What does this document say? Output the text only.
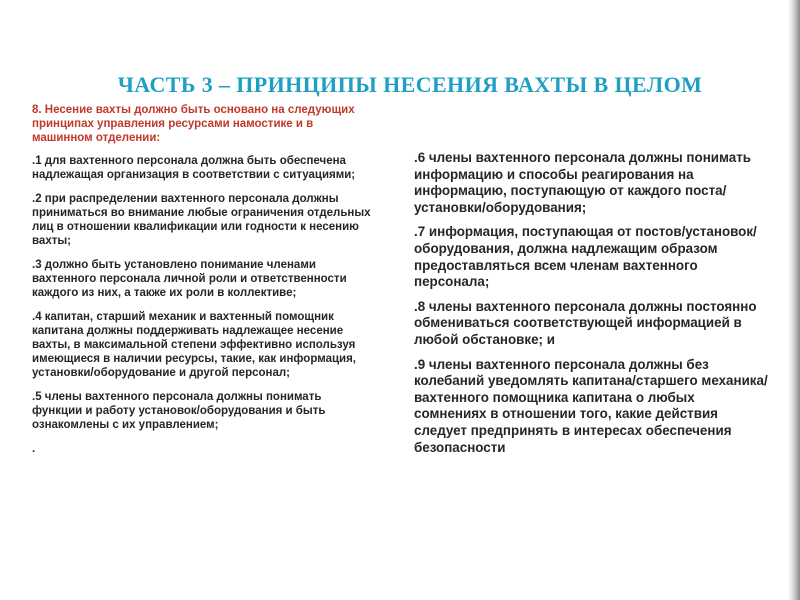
ЧАСТЬ 3 – ПРИНЦИПЫ НЕСЕНИЯ ВАХТЫ В ЦЕЛОМ

8. Несение вахты должно быть основано на следующих принципах управления ресурсами намостике и в машинном отделении:

.1 для вахтенного персонала должна быть обеспечена надлежащая организация в соответствии с ситуациями;

.2 при распределении вахтенного персонала должны приниматься во внимание любые ограничения отдельных лиц в отношении квалификации или годности к несению вахты;

.3 должно быть установлено понимание членами вахтенного персонала личной роли и ответственности каждого из них, а также их роли в коллективе;

.4 капитан, старший механик и вахтенный помощник капитана должны поддерживать надлежащее несение вахты, в максимальной степени эффективно используя имеющиеся в наличии ресурсы, такие, как информация, установки/оборудование и другой персонал;

.5 члены вахтенного персонала должны понимать функции и работу установок/оборудования и быть ознакомлены с их управлением;

.

.6 члены вахтенного персонала должны понимать информацию и способы реагирования на информацию, поступающую от каждого поста/установки/оборудования;

.7 информация, поступающая от постов/установок/оборудования, должна надлежащим образом предоставляться всем членам вахтенного персонала;

.8 члены вахтенного персонала должны постоянно обмениваться соответствующей информацией в любой обстановке; и

.9 члены вахтенного персонала должны без колебаний уведомлять капитана/старшего механика/вахтенного помощника капитана о любых сомнениях в отношении того, какие действия следует предпринять в интересах обеспечения безопасности
